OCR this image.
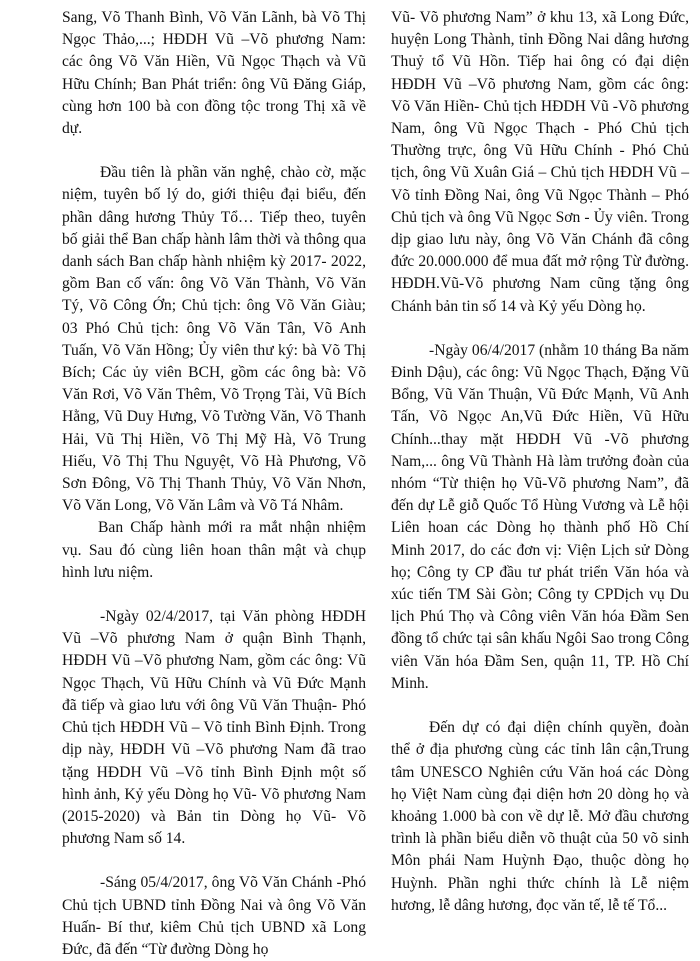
Sang, Võ Thanh Bình, Võ Văn Lãnh, bà Võ Thị Ngọc Thảo,...; HĐDH Vũ –Võ phương Nam: các ông Võ Văn Hiền, Vũ Ngọc Thạch và Vũ Hữu Chính; Ban Phát triển: ông Vũ Đăng Giáp, cùng hơn 100 bà con đồng tộc trong Thị xã về dự.

Đầu tiên là phần văn nghệ, chào cờ, mặc niệm, tuyên bố lý do, giới thiệu đại biểu, đến phần dâng hương Thủy Tổ… Tiếp theo, tuyên bố giải thể Ban chấp hành lâm thời và thông qua danh sách Ban chấp hành nhiệm kỳ 2017- 2022, gồm Ban cố vấn: ông Võ Văn Thành, Võ Văn Tý, Võ Công Ớn; Chủ tịch: ông Võ Văn Giàu; 03 Phó Chủ tịch: ông Võ Văn Tân, Võ Anh Tuấn, Võ Văn Hồng; Ủy viên thư ký: bà Võ Thị Bích; Các ủy viên BCH, gồm các ông bà: Võ Văn Rơi, Võ Văn Thêm, Võ Trọng Tài, Vũ Bích Hằng, Vũ Duy Hưng, Võ Tường Văn, Võ Thanh Hải, Vũ Thị Hiền, Võ Thị Mỹ Hà, Võ Trung Hiếu, Võ Thị Thu Nguyệt, Võ Hà Phương, Võ Sơn Đông, Võ Thị Thanh Thủy, Võ Văn Nhơn, Võ Văn Long, Võ Văn Lâm và Võ Tá Nhâm.

Ban Chấp hành mới ra mắt nhận nhiệm vụ. Sau đó cùng liên hoan thân mật và chụp hình lưu niệm.

-Ngày 02/4/2017, tại Văn phòng HĐDH Vũ –Võ phương Nam ở quận Bình Thạnh, HĐDH Vũ –Võ phương Nam, gồm các ông: Vũ Ngọc Thạch, Vũ Hữu Chính và Vũ Đức Mạnh đã tiếp và giao lưu với ông Vũ Văn Thuận- Phó Chủ tịch HĐDH Vũ – Võ tỉnh Bình Định. Trong dịp này, HĐDH Vũ –Võ phương Nam đã trao tặng HĐDH Vũ –Võ tỉnh Bình Định một số hình ảnh, Kỷ yếu Dòng họ Vũ- Võ phương Nam (2015-2020) và Bản tin Dòng họ Vũ- Võ phương Nam số 14.

-Sáng 05/4/2017, ông Võ Văn Chánh -Phó Chủ tịch UBND tỉnh Đồng Nai và ông Võ Văn Huấn- Bí thư, kiêm Chủ tịch UBND xã Long Đức, đã đến “Từ đường Dòng họ

Vũ- Võ phương Nam” ở khu 13, xã Long Đức, huyện Long Thành, tỉnh Đồng Nai dâng hương Thuỷ tổ Vũ Hồn. Tiếp hai ông có đại diện HĐDH Vũ –Võ phương Nam, gồm các ông: Võ Văn Hiền- Chủ tịch HĐDH Vũ -Võ phương Nam, ông Vũ Ngọc Thạch - Phó Chủ tịch Thường trực, ông Vũ Hữu Chính - Phó Chủ tịch, ông Vũ Xuân Giá – Chủ tịch HĐDH Vũ –Võ tỉnh Đồng Nai, ông Vũ Ngọc Thành – Phó Chủ tịch và ông Vũ Ngọc Sơn - Ủy viên. Trong dịp giao lưu này, ông Võ Văn Chánh đã công đức 20.000.000 để mua đất mở rộng Từ đường. HĐDH.Vũ-Võ phương Nam cũng tặng ông Chánh bản tin số 14 và Kỷ yếu Dòng họ.

-Ngày 06/4/2017 (nhằm 10 tháng Ba năm Đinh Dậu), các ông: Vũ Ngọc Thạch, Đặng Vũ Bổng, Vũ Văn Thuận, Vũ Đức Mạnh, Vũ Anh Tấn, Võ Ngọc An,Vũ Đức Hiền, Vũ Hữu Chính...thay mặt HĐDH Vũ -Võ phương Nam,... ông Vũ Thành Hà làm trưởng đoàn của nhóm “Từ thiện họ Vũ-Võ phương Nam”, đã đến dự Lễ giỗ Quốc Tổ Hùng Vương và Lễ hội Liên hoan các Dòng họ thành phố Hồ Chí Minh 2017, do các đơn vị: Viện Lịch sử Dòng họ; Công ty CP đầu tư phát triển Văn hóa và xúc tiến TM Sài Gòn; Công ty CPDịch vụ Du lịch Phú Thọ và Công viên Văn hóa Đầm Sen đồng tổ chức tại sân khấu Ngôi Sao trong Công viên Văn hóa Đầm Sen, quận 11, TP. Hồ Chí Minh.

Đến dự có đại diện chính quyền, đoàn thể ở địa phương cùng các tỉnh lân cận,Trung tâm UNESCO Nghiên cứu Văn hoá các Dòng họ Việt Nam cùng đại diện hơn 20 dòng họ và khoảng 1.000 bà con về dự lễ. Mở đầu chương trình là phần biểu diễn võ thuật của 50 võ sinh Môn phái Nam Huỳnh Đạo, thuộc dòng họ Huỳnh. Phần nghi thức chính là Lễ niệm hương, lễ dâng hương, đọc văn tế, lễ tế Tổ...
